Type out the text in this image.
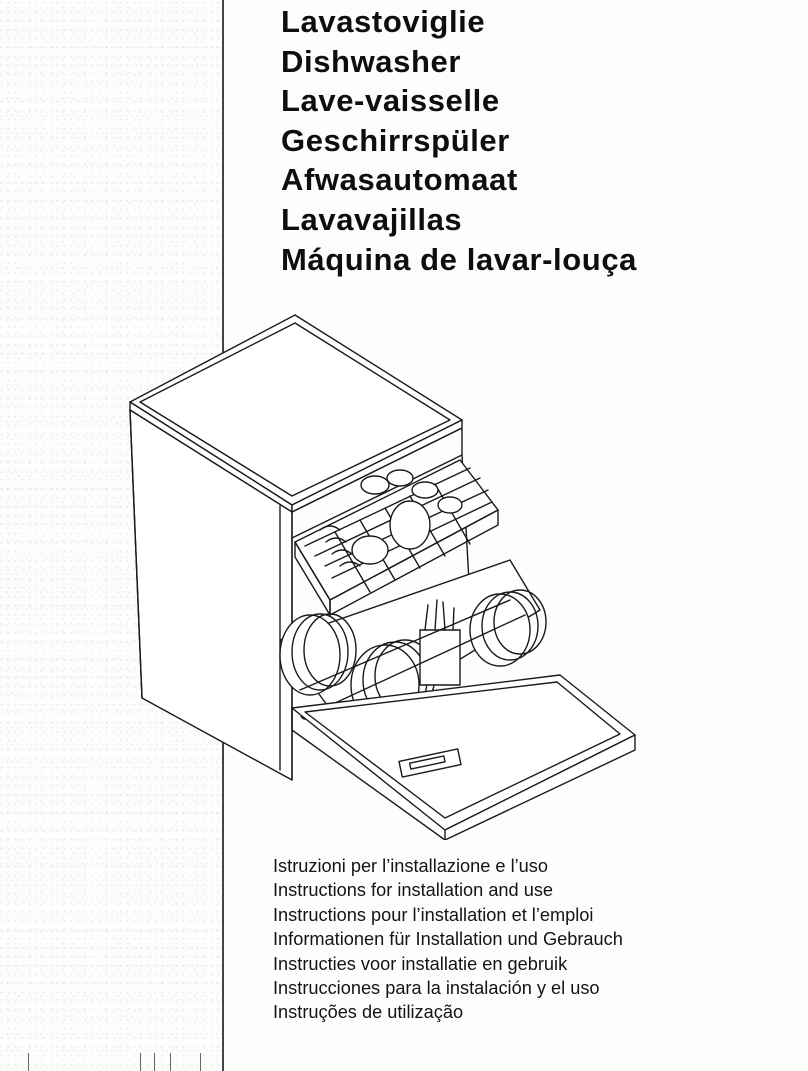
Lavastoviglie
Dishwasher
Lave-vaisselle
Geschirrspüler
Afwasautomaat
Lavavajillas
Máquina de lavar-louça
Istruzioni per l’installazione e l’uso
Instructions for installation and use
Instructions pour l’installation et l’emploi
Informationen für Installation und Gebrauch
Instructies voor installatie en gebruik
Instrucciones para la instalación y el uso
Instruções de utilização
